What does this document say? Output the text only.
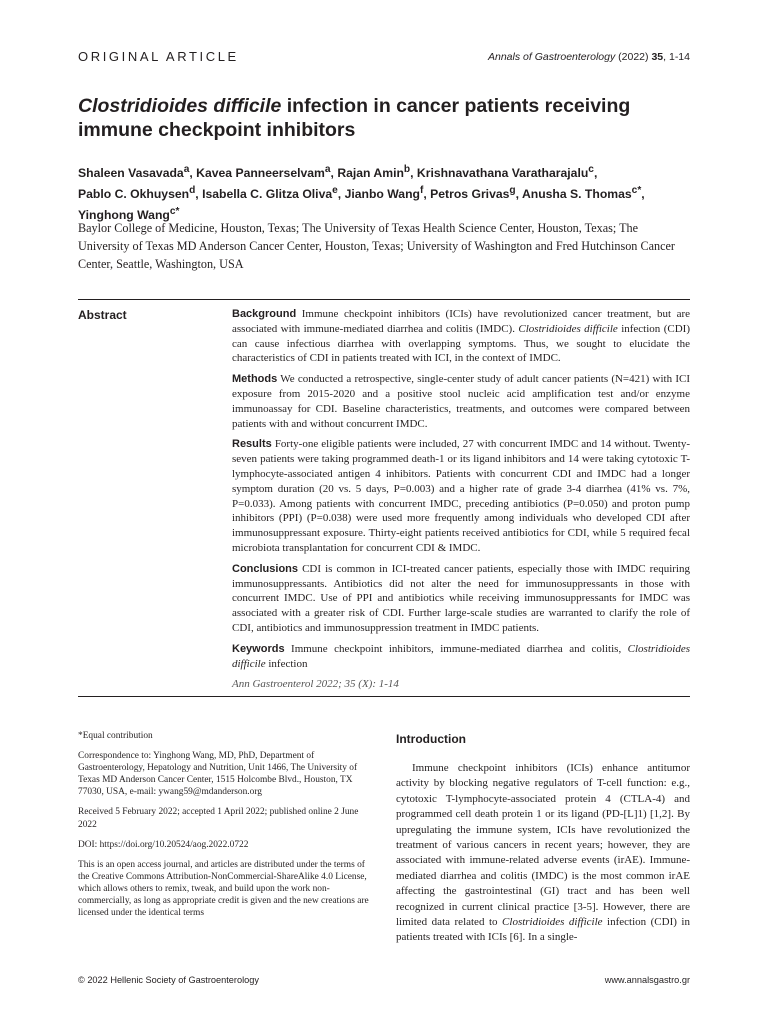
ORIGINAL ARTICLE	Annals of Gastroenterology (2022) 35, 1-14
Clostridioides difficile infection in cancer patients receiving immune checkpoint inhibitors
Shaleen Vasavada$^a$, Kavea Panneerselvam$^a$, Rajan Amin$^b$, Krishnavathana Varatharajalu$^c$,
Pablo C. Okhuysen$^d$, Isabella C. Glitza Oliva$^e$, Jianbo Wang$^f$, Petros Grivas$^g$, Anusha S. Thomas$^{c*}$,
Yinghong Wang$^{c*}$
Baylor College of Medicine, Houston, Texas; The University of Texas Health Science Center, Houston, Texas; The University of Texas MD Anderson Cancer Center, Houston, Texas; University of Washington and Fred Hutchinson Cancer Center, Seattle, Washington, USA
Abstract	Background Immune checkpoint inhibitors (ICIs) have revolutionized cancer treatment, but are associated with immune-mediated diarrhea and colitis (IMDC). Clostridioides difficile infection (CDI) can cause infectious diarrhea with overlapping symptoms. Thus, we sought to elucidate the characteristics of CDI in patients treated with ICI, in the context of IMDC.

Methods We conducted a retrospective, single-center study of adult cancer patients (N=421) with ICI exposure from 2015-2020 and a positive stool nucleic acid amplification test and/or enzyme immunoassay for CDI. Baseline characteristics, treatments, and outcomes were compared between patients with and without concurrent IMDC.

Results Forty-one eligible patients were included, 27 with concurrent IMDC and 14 without. Twenty-seven patients were taking programmed death-1 or its ligand inhibitors and 14 were taking cytotoxic T-lymphocyte-associated antigen 4 inhibitors. Patients with concurrent CDI and IMDC had a longer symptom duration (20 vs. 5 days, P=0.003) and a higher rate of grade 3-4 diarrhea (41% vs. 7%, P=0.033). Among patients with concurrent IMDC, preceding antibiotics (P=0.050) and proton pump inhibitors (PPI) (P=0.038) were used more frequently among individuals who developed CDI after immunosuppressant exposure. Thirty-eight patients received antibiotics for CDI, while 5 required fecal microbiota transplantation for concurrent CDI & IMDC.

Conclusions CDI is common in ICI-treated cancer patients, especially those with IMDC requiring immunosuppressants. Antibiotics did not alter the need for immunosuppressants in those with concurrent IMDC. Use of PPI and antibiotics while receiving immunosuppressants for IMDC was associated with a greater risk of CDI. Further large-scale studies are warranted to clarify the role of CDI, antibiotics and immunosuppression treatment in IMDC patients.

Keywords Immune checkpoint inhibitors, immune-mediated diarrhea and colitis, Clostridioides difficile infection

Ann Gastroenterol 2022; 35 (X): 1-14

*Equal contribution

Correspondence to: Yinghong Wang, MD, PhD, Department of Gastroenterology, Hepatology and Nutrition, Unit 1466, The University of Texas MD Anderson Cancer Center, 1515 Holcombe Blvd., Houston, TX 77030, USA, e-mail: ywang59@mdanderson.org

Received 5 February 2022; accepted 1 April 2022; published online 2 June 2022

DOI: https://doi.org/10.20524/aog.2022.0722

This is an open access journal, and articles are distributed under the terms of the Creative Commons Attribution-NonCommercial-ShareAlike 4.0 License, which allows others to remix, tweak, and build upon the work non-commercially, as long as appropriate credit is given and the new creations are licensed under the identical terms

Introduction

Immune checkpoint inhibitors (ICIs) enhance antitumor activity by blocking negative regulators of T-cell function: e.g., cytotoxic T-lymphocyte-associated protein 4 (CTLA-4) and programmed cell death protein 1 or its ligand (PD-[L]1) [1,2]. By upregulating the immune system, ICIs have revolutionized the treatment of various cancers in recent years; however, they are associated with immune-related adverse events (irAE). Immune-mediated diarrhea and colitis (IMDC) is the most common irAE affecting the gastrointestinal (GI) tract and has been well recognized in current clinical practice [3-5]. However, there are limited data related to Clostridioides difficile infection (CDI) in patients treated with ICIs [6]. In a single-

© 2022 Hellenic Society of Gastroenterology	www.annalsgastro.gr
